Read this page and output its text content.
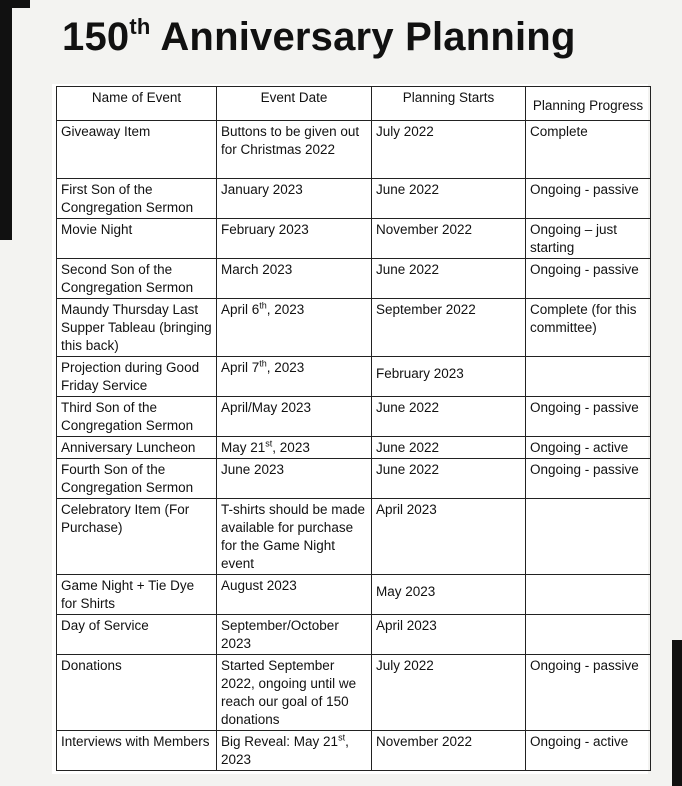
150th Anniversary Planning
Name of Event	Event Date	Planning Starts	Planning Progress
Giveaway Item	Buttons to be given out for Christmas 2022	July 2022	Complete
First Son of the Congregation Sermon	January 2023	June 2022	Ongoing - passive
Movie Night	February 2023	November 2022	Ongoing – just starting
Second Son of the Congregation Sermon	March 2023	June 2022	Ongoing - passive
Maundy Thursday Last Supper Tableau (bringing this back)	April 6th, 2023	September 2022	Complete (for this committee)
Projection during Good Friday Service	April 7th, 2023	February 2023	
Third Son of the Congregation Sermon	April/May 2023	June 2022	Ongoing - passive
Anniversary Luncheon	May 21st, 2023	June 2022	Ongoing - active
Fourth Son of the Congregation Sermon	June 2023	June 2022	Ongoing - passive
Celebratory Item (For Purchase)	T-shirts should be made available for purchase for the Game Night event	April 2023	
Game Night + Tie Dye for Shirts	August 2023	May 2023	
Day of Service	September/October 2023	April 2023	
Donations	Started September 2022, ongoing until we reach our goal of 150 donations	July 2022	Ongoing - passive
Interviews with Members	Big Reveal: May 21st, 2023	November 2022	Ongoing - active
